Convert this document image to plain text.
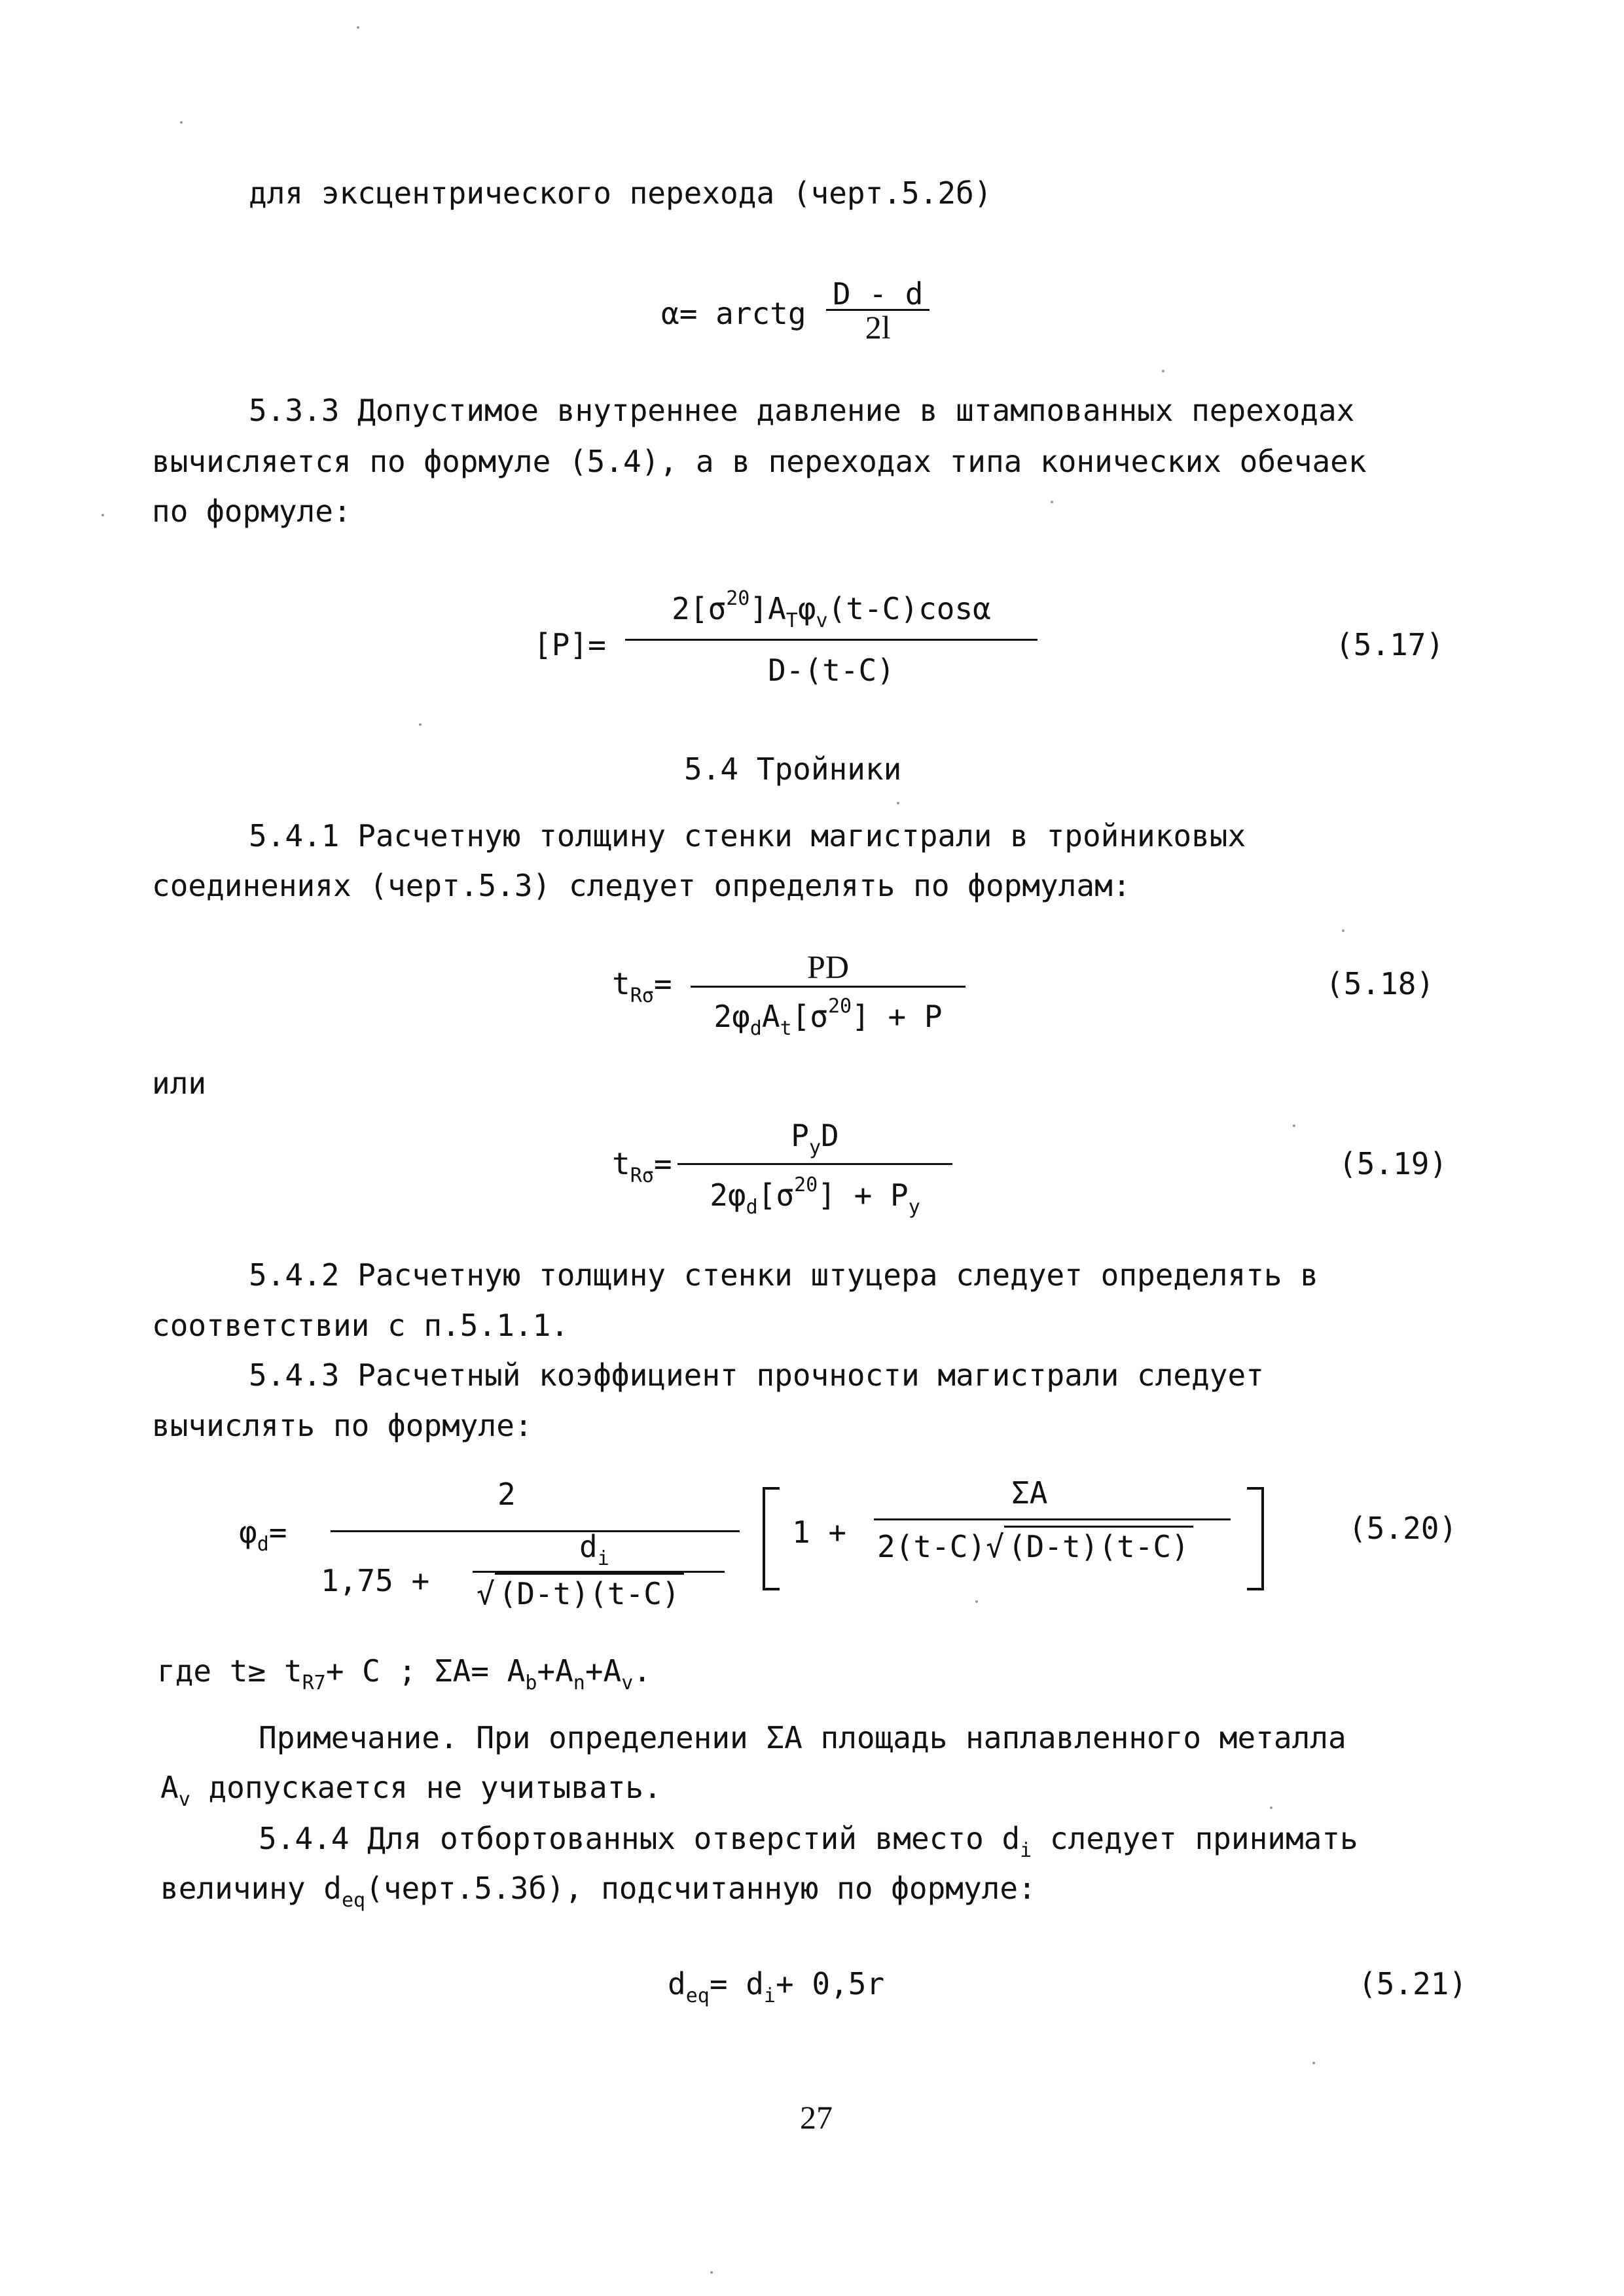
для эксцентрического перехода (черт.5.2б)
α= arctg
D - d
2l
5.3.3 Допустимое внутреннее давление в штампованных переходах
вычисляется по формуле (5.4), а в переходах типа конических обечаек
по формуле:
[P]=
$2[\sigma^{20}]A_T\varphi_v(t-C)\cos\alpha$
D-(t-C)
(5.17)
5.4 Тройники
5.4.1 Расчетную толщину стенки магистрали в тройниковых
соединениях (черт.5.3) следует определять по формулам:
$t_{R\sigma}=$	PD
$2\varphi_dA_t[\sigma^{20}] + P$
(5.18)
или
$t_{R\sigma}=$
$P_yD$
$2\varphi_d[\sigma^{20}] + P_y$
(5.19)
5.4.2 Расчетную толщину стенки штуцера следует определять в
соответствии с п.5.1.1.
5.4.3 Расчетный коэффициент прочности магистрали следует
вычислять по формуле:
$\varphi_d=$
2
1,75 +
$d_i$
√ (D-t)(t-C)
1 +
ΣA
2(t-C)√ (D-t)(t-C)
(5.20)
где $t\ge t_{R7}+ C$ ; $\Sigma A= A_b+A_n+A_v$.
Примечание. При определении ΣA площадь наплавленного металла
$A_v$ допускается не учитывать.
5.4.4 Для отбортованных отверстий вместо $d_i$ следует принимать
величину $d_{eq}(черт.5.3б)$, подсчитанную по формуле:
$d_{eq}= d_i+ 0,5r$	(5.21)
27
